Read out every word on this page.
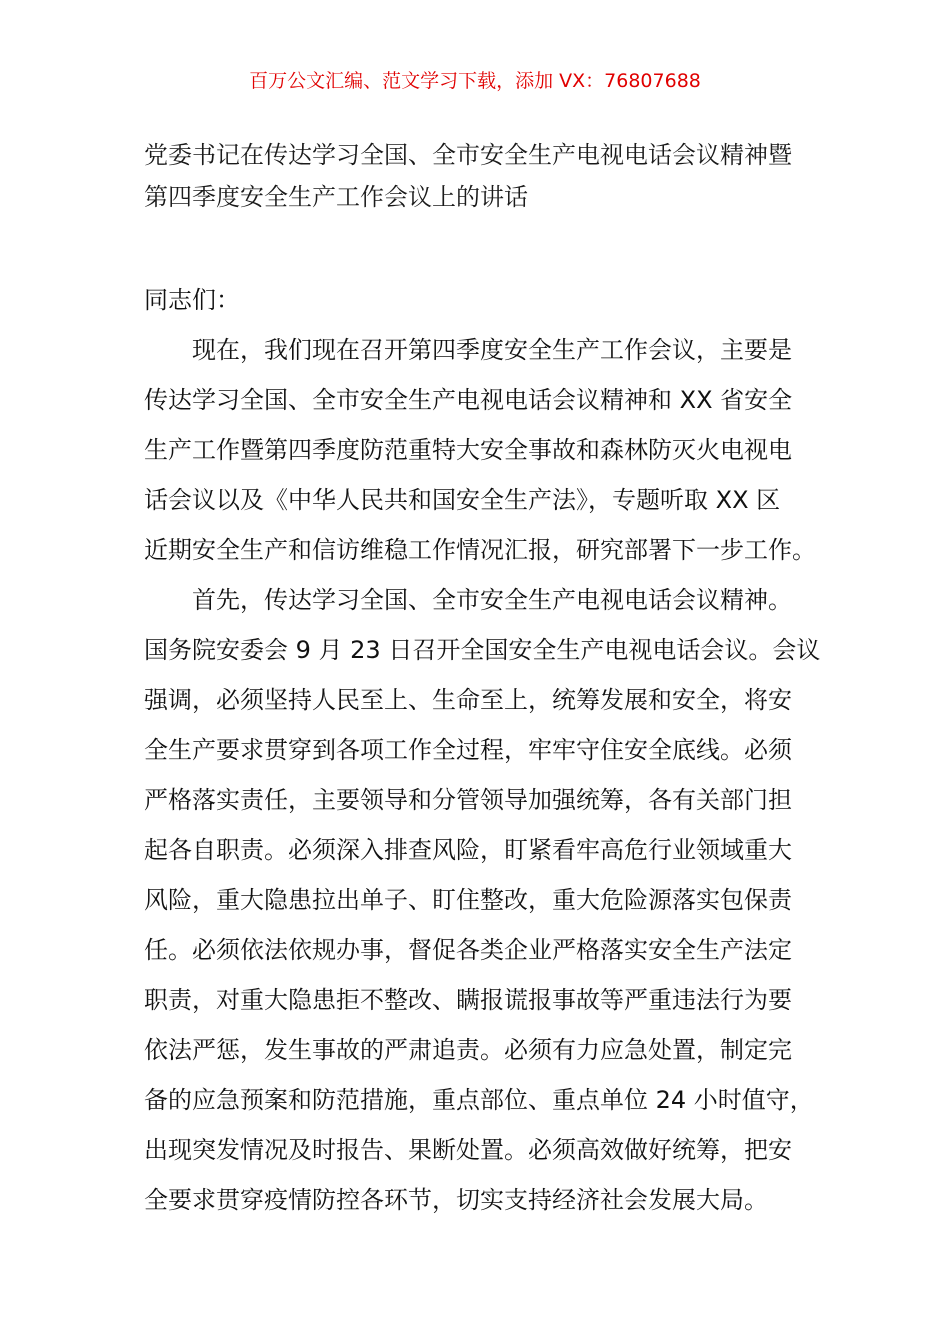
百万公文汇编、范文学习下载，添加 VX：76807688
党委书记在传达学习全国、全市安全生产电视电话会议精神暨
第四季度安全生产工作会议上的讲话
同志们：
现在，我们现在召开第四季度安全生产工作会议，主要是
传达学习全国、全市安全生产电视电话会议精神和 XX 省安全
生产工作暨第四季度防范重特大安全事故和森林防灭火电视电
话会议以及《中华人民共和国安全生产法》，专题听取 XX 区
近期安全生产和信访维稳工作情况汇报，研究部署下一步工作。
首先，传达学习全国、全市安全生产电视电话会议精神。
国务院安委会 9 月 23 日召开全国安全生产电视电话会议。会议
强调，必须坚持人民至上、生命至上，统筹发展和安全，将安
全生产要求贯穿到各项工作全过程，牢牢守住安全底线。必须
严格落实责任，主要领导和分管领导加强统筹，各有关部门担
起各自职责。必须深入排查风险，盯紧看牢高危行业领域重大
风险，重大隐患拉出单子、盯住整改，重大危险源落实包保责
任。必须依法依规办事，督促各类企业严格落实安全生产法定
职责，对重大隐患拒不整改、瞒报谎报事故等严重违法行为要
依法严惩，发生事故的严肃追责。必须有力应急处置，制定完
备的应急预案和防范措施，重点部位、重点单位 24 小时值守，
出现突发情况及时报告、果断处置。必须高效做好统筹，把安
全要求贯穿疫情防控各环节，切实支持经济社会发展大局。
